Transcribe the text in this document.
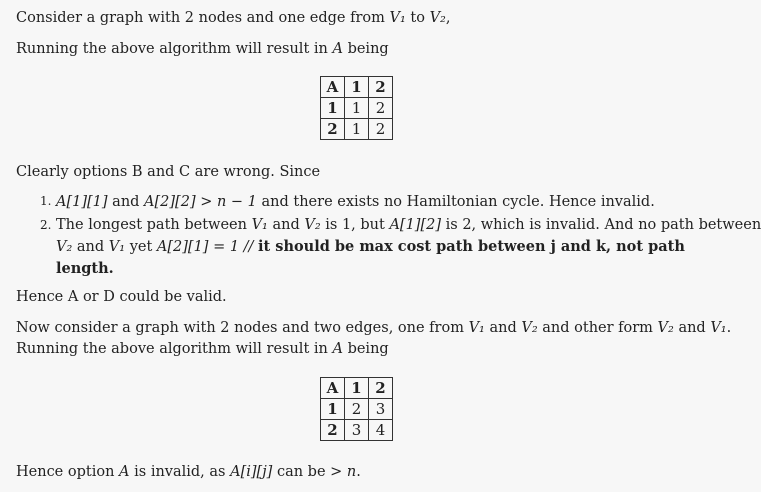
Consider a graph with 2 nodes and one edge from V₁ to V₂,
Running the above algorithm will result in A being
A	1	2
1	1	2
2	1	2
Clearly options B and C are wrong. Since
1. A[1][1] and A[2][2] > n − 1 and there exists no Hamiltonian cycle. Hence invalid.
2. The longest path between V₁ and V₂ is 1, but A[1][2] is 2, which is invalid. And no path between
V₂ and V₁ yet A[2][1] = 1 // it should be max cost path between j and k, not path
length.
Hence A or D could be valid.
Now consider a graph with 2 nodes and two edges, one from V₁ and V₂ and other form V₂ and V₁.
Running the above algorithm will result in A being
A	1	2
1	2	3
2	3	4
Hence option A is invalid, as A[i][j] can be > n.
